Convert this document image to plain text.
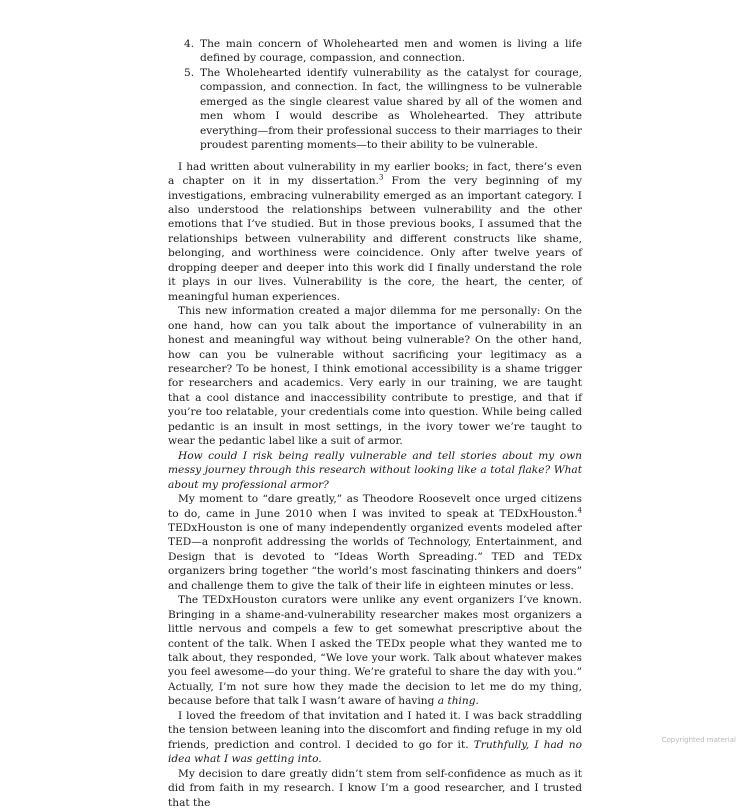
4. The main concern of Wholehearted men and women is living a life defined by courage, compassion, and connection.
5. The Wholehearted identify vulnerability as the catalyst for courage, compassion, and connection. In fact, the willingness to be vulnerable emerged as the single clearest value shared by all of the women and men whom I would describe as Wholehearted. They attribute everything—from their professional success to their marriages to their proudest parenting moments—to their ability to be vulnerable.

I had written about vulnerability in my earlier books; in fact, there’s even a chapter on it in my dissertation.$^3$ From the very beginning of my investigations, embracing vulnerability emerged as an important category. I also understood the relationships between vulnerability and the other emotions that I’ve studied. But in those previous books, I assumed that the relationships between vulnerability and different constructs like shame, belonging, and worthiness were coincidence. Only after twelve years of dropping deeper and deeper into this work did I finally understand the role it plays in our lives. Vulnerability is the core, the heart, the center, of meaningful human experiences.

This new information created a major dilemma for me personally: On the one hand, how can you talk about the importance of vulnerability in an honest and meaningful way without being vulnerable? On the other hand, how can you be vulnerable without sacrificing your legitimacy as a researcher? To be honest, I think emotional accessibility is a shame trigger for researchers and academics. Very early in our training, we are taught that a cool distance and inaccessibility contribute to prestige, and that if you’re too relatable, your credentials come into question. While being called pedantic is an insult in most settings, in the ivory tower we’re taught to wear the pedantic label like a suit of armor.

How could I risk being really vulnerable and tell stories about my own messy journey through this research without looking like a total flake? What about my professional armor?

My moment to “dare greatly,” as Theodore Roosevelt once urged citizens to do, came in June 2010 when I was invited to speak at TEDxHouston.$^4$ TEDxHouston is one of many independently organized events modeled after TED—a nonprofit addressing the worlds of Technology, Entertainment, and Design that is devoted to “Ideas Worth Spreading.” TED and TEDx organizers bring together “the world’s most fascinating thinkers and doers” and challenge them to give the talk of their life in eighteen minutes or less.

The TEDxHouston curators were unlike any event organizers I’ve known. Bringing in a shame-and-vulnerability researcher makes most organizers a little nervous and compels a few to get somewhat prescriptive about the content of the talk. When I asked the TEDx people what they wanted me to talk about, they responded, “We love your work. Talk about whatever makes you feel awesome—do your thing. We’re grateful to share the day with you.” Actually, I’m not sure how they made the decision to let me do my thing, because before that talk I wasn’t aware of having a thing.

I loved the freedom of that invitation and I hated it. I was back straddling the tension between leaning into the discomfort and finding refuge in my old friends, prediction and control. I decided to go for it. Truthfully, I had no idea what I was getting into.

My decision to dare greatly didn’t stem from self-confidence as much as it did from faith in my research. I know I’m a good researcher, and I trusted that the

Copyrighted material
